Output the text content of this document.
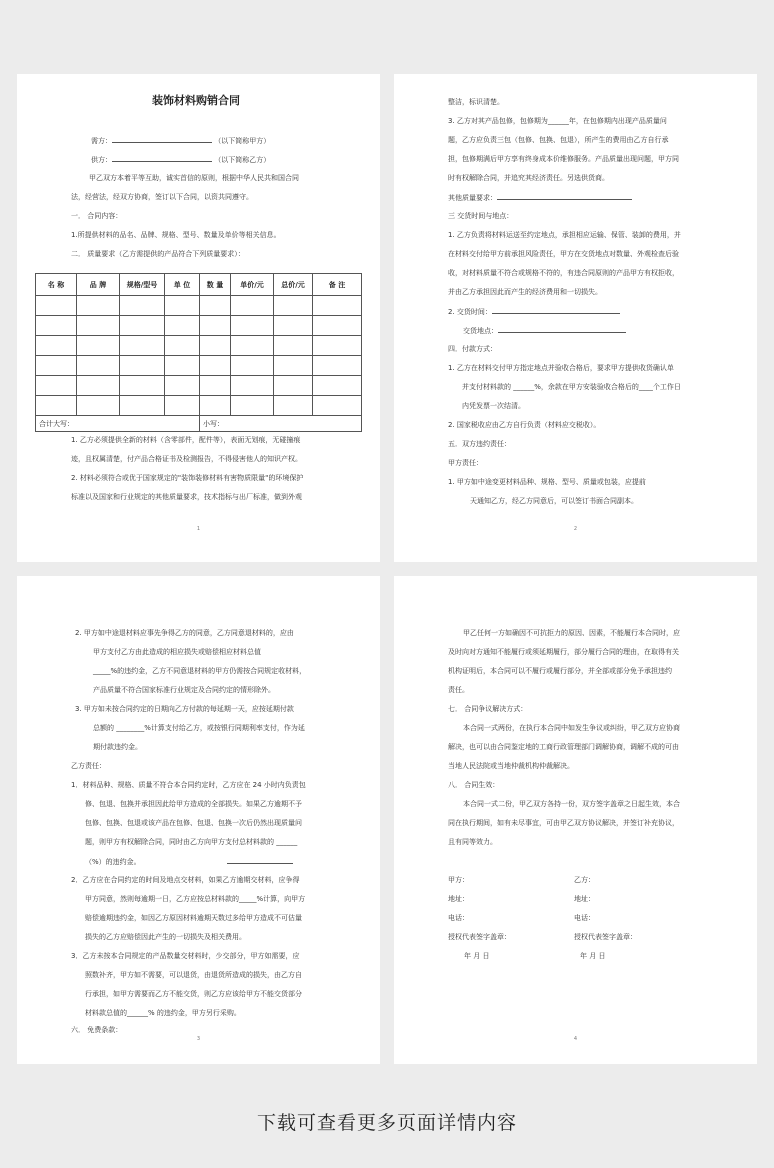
装饰材料购销合同
需方：	（以下简称甲方）
供方：	（以下简称乙方）
甲乙双方本着平等互助，诚实首信的原则，根据中华人民共和国合同
法，经营法，经双方协商，签订以下合同，以资共同遵守。
一． 合同内容：
1.所提供材料的品名、品牌、规格、型号、数量及单价等相关信息。
二． 质量要求（乙方需提供的产品符合下列质量要求）：
名 称	品 牌	规格/型号	单 位	数 量	单价/元	总价/元	备 注

合计大写：				小写：			
1. 乙方必须提供全新的材料（含零部件，配件等），表面无划痕，无碰撞痕
迹，且权属清楚，付产品合格证书及检测报告，不得侵害他人的知识产权。
2. 材料必须符合或优于国家规定的"装饰装修材料有害物质限量"的环境保护
标准以及国家和行业规定的其他质量要求，技术指标与出厂标准，做到外观
1
整洁，标识清楚。
3. 乙方对其产品包修，包修期为______年，在包修期内出现产品质量问
题，乙方应负责三包（包修、包换、包退），所产生的费用由乙方自行承
担，包修期满后甲方享有终身成本价维修服务。产品质量出现问题，甲方同
时有权解除合同，并追究其经济责任。另选供货商。
其他质量要求：
三 交货时间与地点：
1. 乙方负责将材料运送至约定地点，承担相应运输、保管、装卸的费用，并
在材料交付给甲方前承担风险责任，甲方在交货地点对数量、外观检查后验
收，对材料质量不符合或规格不符的，有违合同原则的产品甲方有权拒收，
并由乙方承担因此而产生的经济费用和一切损失。
2. 交货时间：
交货地点：
四．付款方式：
1. 乙方在材料交付甲方指定地点并验收合格后，要求甲方提供收货确认单
并支付材料款的 ______%，余款在甲方安装验收合格后的____个工作日
内凭发票一次结清。
2. 国家税收应由乙方自行负责（材料应交税收）。
五．双方违约责任：
甲方责任：
1. 甲方如中途变更材料品种、规格、型号、质量或包装，应提前
天通知乙方，经乙方同意后，可以签订书面合同副本。
2
2. 甲方如中途退材料应事先争得乙方的同意，乙方同意退材料的，应由
甲方支付乙方由此造成的相应损失或赔偿相应材料总值
_____%的违约金，乙方不同意退材料的甲方仍需按合同规定收材料，
产品质量不符合国家标准行业规定及合同约定的情形除外。
3. 甲方如未按合同约定的日期向乙方付款的每延期一天，应按延期付款
总额的 ________%计算支付给乙方，或按银行同期利率支付，作为延
期付款违约金。
乙方责任：
1．材料品种、规格、质量不符合本合同约定时，乙方应在 24 小时内负责包
修、包退、包换并承担因此给甲方造成的全部损失。如果乙方逾期不予
包修、包换、包退或该产品在包修、包退、包换一次后仍然出现质量问
题，则甲方有权解除合同，同时由乙方向甲方支付总材料款的 ______
（%）的违约金。
2．乙方应在合同约定的时间及地点交材料，如果乙方逾期交材料，应争得
甲方同意，然则每逾期一日，乙方应按总材料款的_____%计算，向甲方
赔偿逾期违约金，如因乙方原因材料逾期天数过多给甲方造成不可估量
损失的乙方应赔偿因此产生的一切损失及相关费用。
3．乙方未按本合同规定的产品数量交材料时，少交部分，甲方如需要，应
照数补齐，甲方如不需要，可以退货，由退货所造成的损失，由乙方自
行承担，如甲方需要而乙方不能交货，则乙方应该给甲方不能交货部分
材料款总值的______% 的违约金，甲方另行采购。
六． 免费条款：
3
甲乙任何一方如确因不可抗拒力的原因、因素，不能履行本合同时，应
及时向对方通知不能履行或须延期履行，部分履行合同的理由，在取得有关
机构证明后，本合同可以不履行或履行部分，并全部或部分免予承担违约
责任。
七． 合同争议解决方式：
本合同一式两份，在执行本合同中如发生争议或纠纷，甲乙双方应协商
解决，也可以由合同鉴定地的工商行政管理部门调解协商，调解不成的可由
当地人民法院或当地仲裁机构仲裁解决。
八． 合同生效：
本合同一式二份，甲乙双方各持一份，双方签字盖章之日起生效，本合
同在执行期间，如有未尽事宜，可由甲乙双方协议解决，并签订补充协议，
且有同等效力。
甲方：	乙方：
地址：	地址：
电话：	电话：
授权代表签字盖章：	授权代表签字盖章：
年 月 日	年 月 日
4
下载可查看更多页面详情内容
